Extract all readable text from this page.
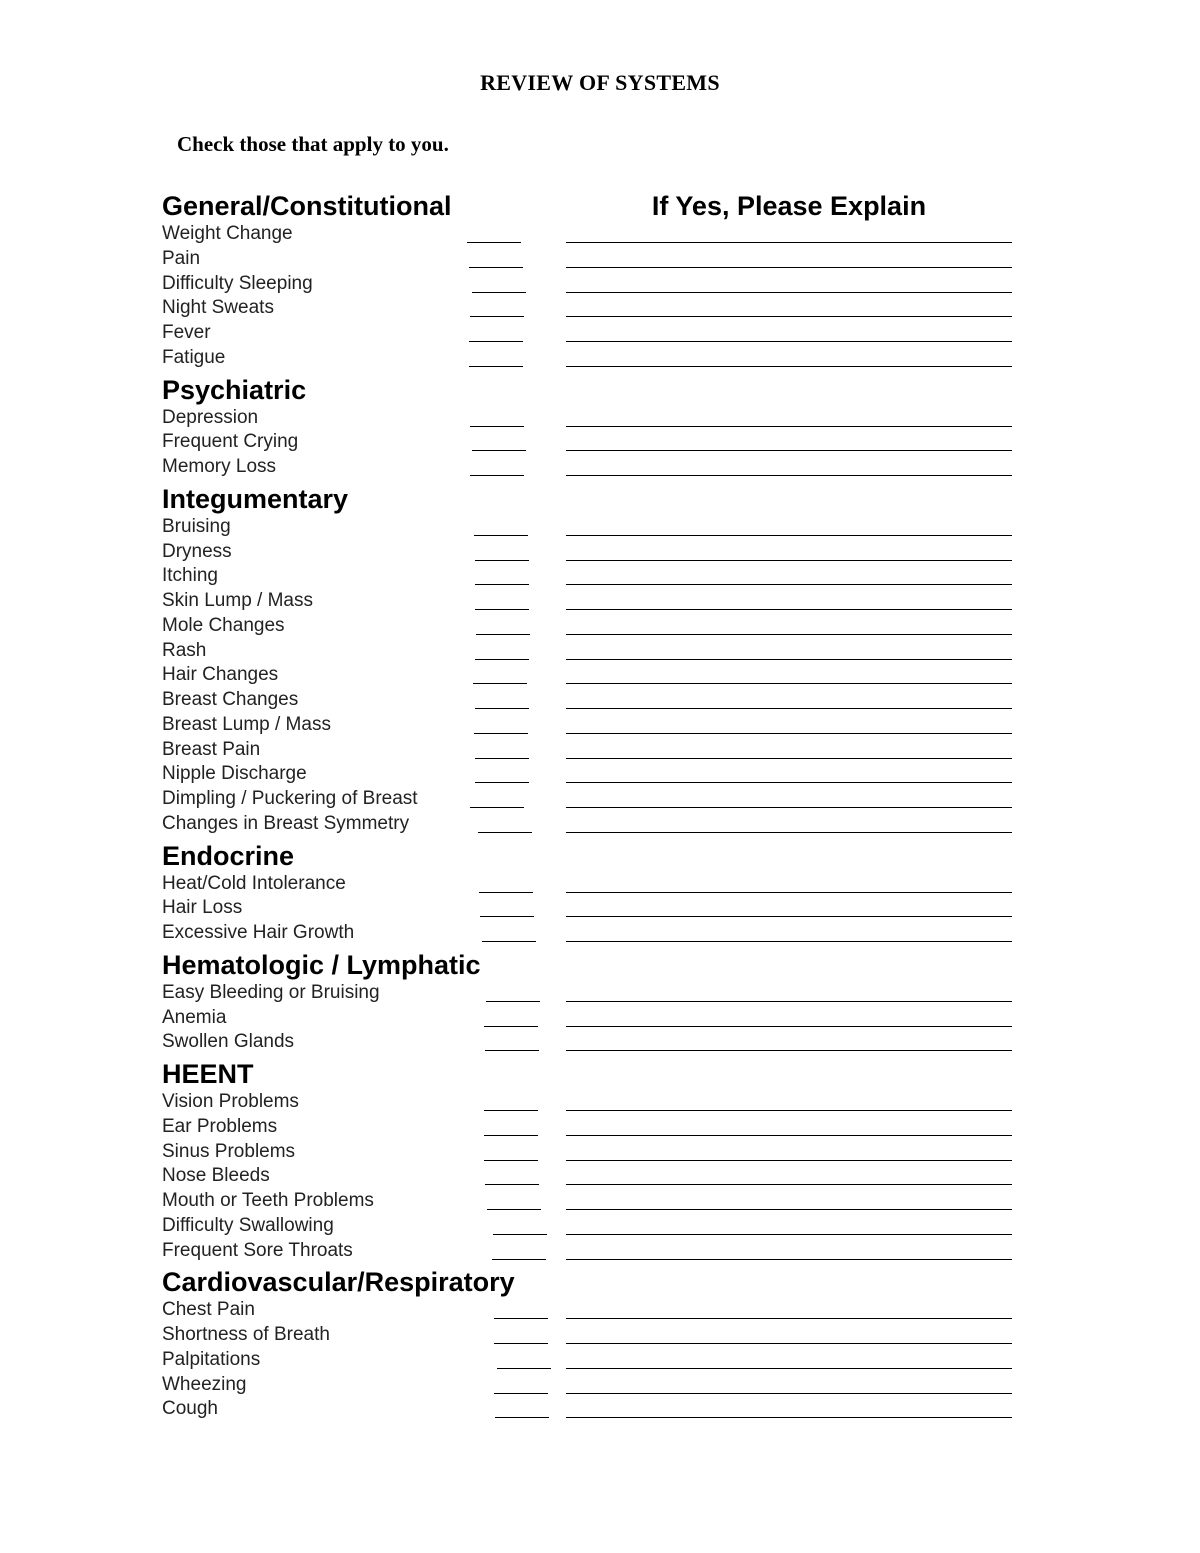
REVIEW OF SYSTEMS
Check those that apply to you.
If Yes, Please Explain
General/Constitutional
Weight Change
Pain
Difficulty Sleeping
Night Sweats
Fever
Fatigue
Psychiatric
Depression
Frequent Crying
Memory Loss
Integumentary
Bruising
Dryness
Itching
Skin Lump / Mass
Mole Changes
Rash
Hair Changes
Breast Changes
Breast Lump / Mass
Breast Pain
Nipple Discharge
Dimpling / Puckering of Breast
Changes in Breast Symmetry
Endocrine
Heat/Cold Intolerance
Hair Loss
Excessive Hair Growth
Hematologic / Lymphatic
Easy Bleeding or Bruising
Anemia
Swollen Glands
HEENT
Vision Problems
Ear Problems
Sinus Problems
Nose Bleeds
Mouth or Teeth Problems
Difficulty Swallowing
Frequent Sore Throats
Cardiovascular/Respiratory
Chest Pain
Shortness of Breath
Palpitations
Wheezing
Cough
